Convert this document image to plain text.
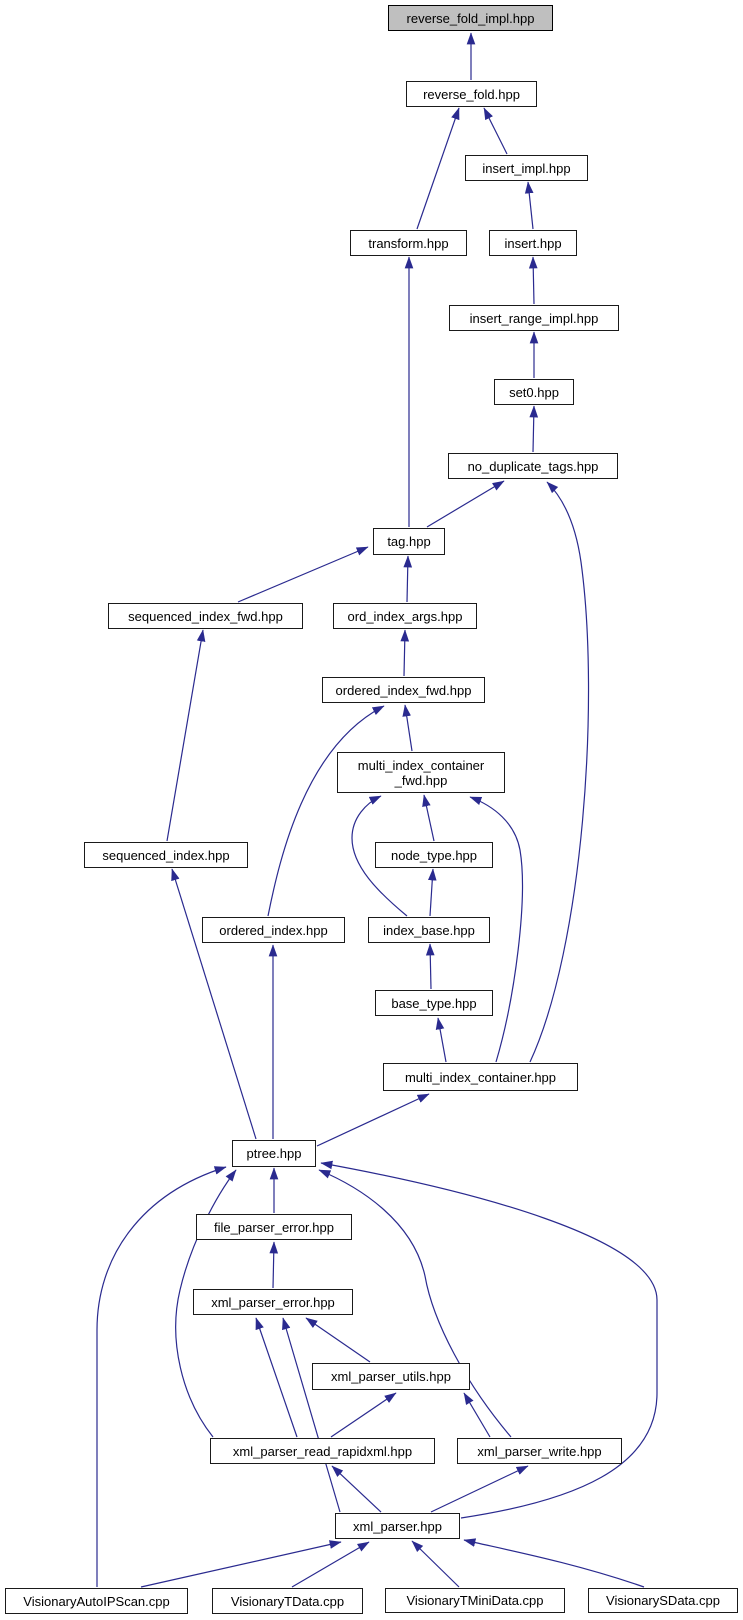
reverse_fold_impl.hpp
reverse_fold.hpp
insert_impl.hpp
transform.hpp	insert.hpp
insert_range_impl.hpp
set0.hpp
no_duplicate_tags.hpp
tag.hpp
sequenced_index_fwd.hpp	ord_index_args.hpp
ordered_index_fwd.hpp
multi_index_container
_fwd.hpp
node_type.hpp
sequenced_index.hpp
ordered_index.hpp	index_base.hpp
base_type.hpp
multi_index_container.hpp
ptree.hpp
file_parser_error.hpp
xml_parser_error.hpp
xml_parser_utils.hpp
xml_parser_read_rapidxml.hpp	xml_parser_write.hpp
xml_parser.hpp
VisionaryAutoIPScan.cpp	VisionaryTData.cpp	VisionaryTMiniData.cpp	VisionarySData.cpp
